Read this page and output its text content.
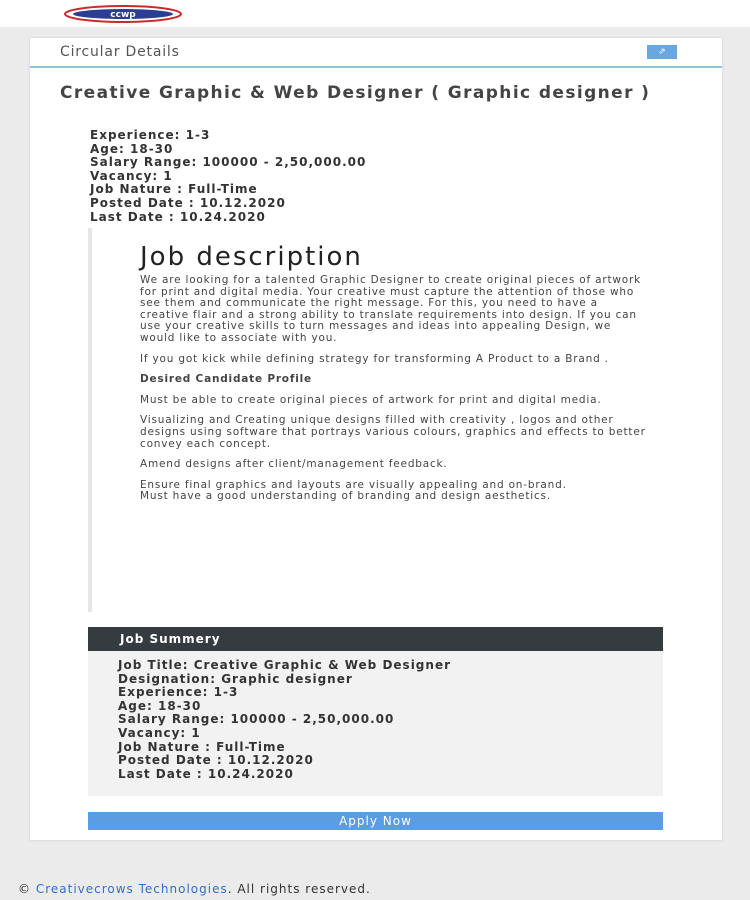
ccwp
Circular Details	⇗
Creative Graphic & Web Designer ( Graphic designer )
Experience: 1-3
Age: 18-30
Salary Range: 100000 - 2,50,000.00
Vacancy: 1
Job Nature : Full-Time
Posted Date : 10.12.2020
Last Date : 10.24.2020
Job description

We are looking for a talented Graphic Designer to create original pieces of artwork for print and digital media. Your creative must capture the attention of those who see them and communicate the right message. For this, you need to have a creative flair and a strong ability to translate requirements into design. If you can use your creative skills to turn messages and ideas into appealing Design, we would like to associate with you.

If you got kick while defining strategy for transforming A Product to a Brand .

Desired Candidate Profile

Must be able to create original pieces of artwork for print and digital media.

Visualizing and Creating unique designs filled with creativity , logos and other designs using software that portrays various colours, graphics and effects to better convey each concept.

Amend designs after client/management feedback.

Ensure final graphics and layouts are visually appealing and on-brand.

Must have a good understanding of branding and design aesthetics.

Job Summery
Job Title: Creative Graphic & Web Designer
Designation: Graphic designer
Experience: 1-3
Age: 18-30
Salary Range: 100000 - 2,50,000.00
Vacancy: 1
Job Nature : Full-Time
Posted Date : 10.12.2020
Last Date : 10.24.2020
Apply Now
© Creativecrows Technologies. All rights reserved.
